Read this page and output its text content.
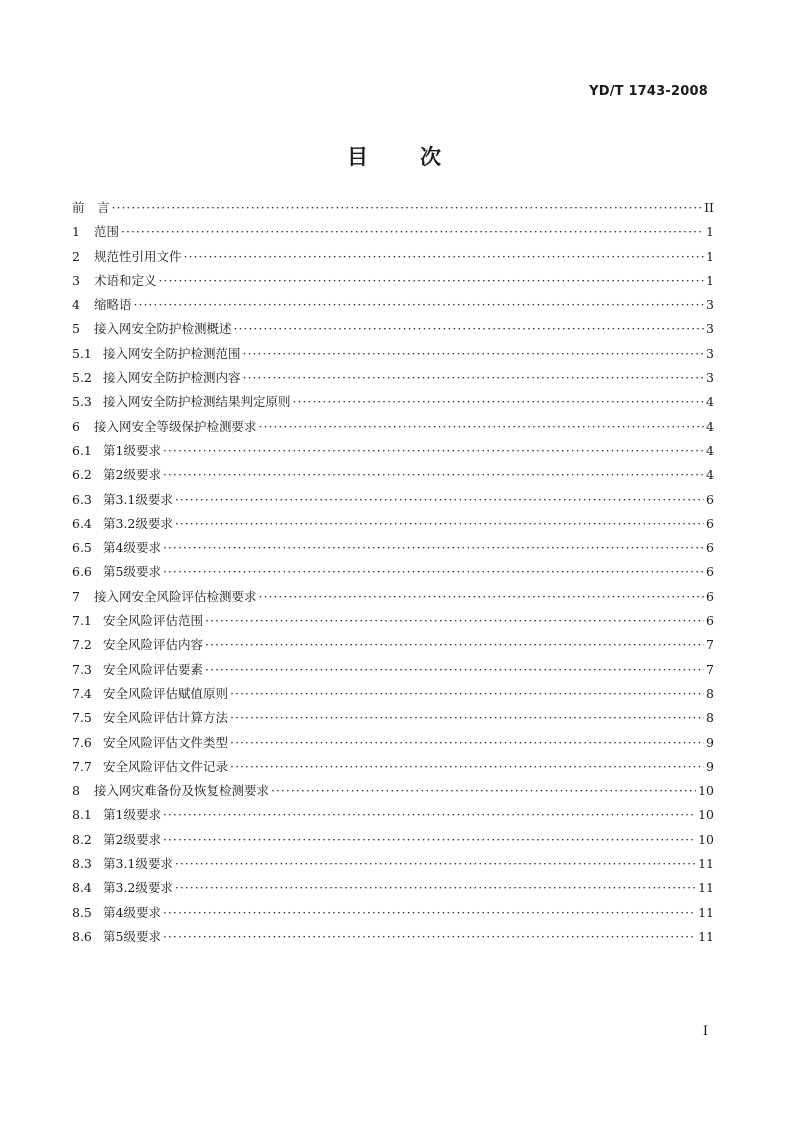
YD/T 1743-2008
目次
前　言 ·····	II
1	范围 ·····	1
2	规范性引用文件 ·····	1
3	术语和定义 ·····	1
4	缩略语 ·····	3
5	接入网安全防护检测概述 ·····	3
5.1 接入网安全防护检测范围 ·····	3
5.2 接入网安全防护检测内容 ·····	3
5.3 接入网安全防护检测结果判定原则 ·····	4
6	接入网安全等级保护检测要求 ·····	4
6.1 第1级要求 ·····	4
6.2 第2级要求 ·····	4
6.3 第3.1级要求 ·····	6
6.4 第3.2级要求 ·····	6
6.5 第4级要求 ·····	6
6.6 第5级要求 ·····	6
7	接入网安全风险评估检测要求 ·····	6
7.1 安全风险评估范围 ·····	6
7.2 安全风险评估内容 ·····	7
7.3 安全风险评估要素 ·····	7
7.4 安全风险评估赋值原则 ·····	8
7.5 安全风险评估计算方法 ·····	8
7.6 安全风险评估文件类型 ·····	9
7.7 安全风险评估文件记录 ·····	9
8	接入网灾难备份及恢复检测要求 ·····	10
8.1 第1级要求 ·····	10
8.2 第2级要求 ·····	10
8.3 第3.1级要求 ·····	11
8.4 第3.2级要求 ·····	11
8.5 第4级要求 ·····	11
8.6 第5级要求 ·····	11
I
